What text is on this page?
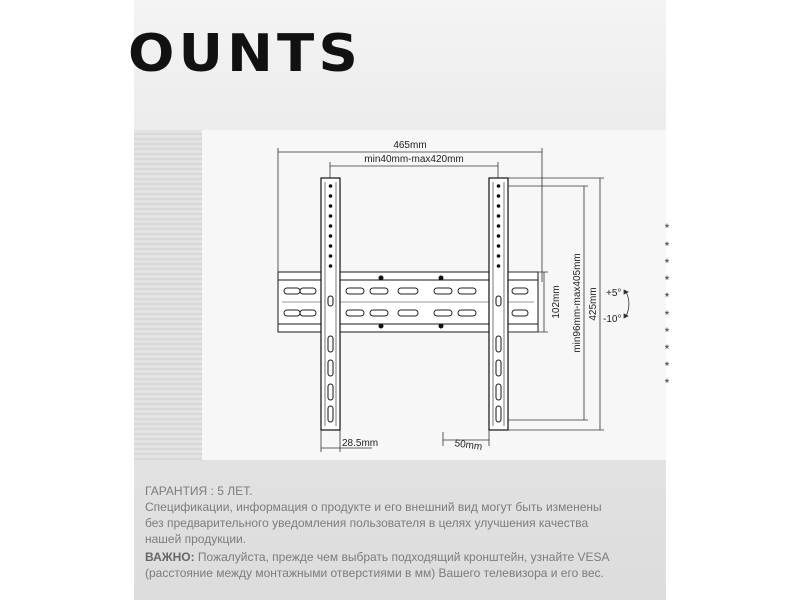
OUNTS
465mm
min40mm-max420mm
102mm min96mm-max405mm 425mm
28.5mm	50mm
+5°
-10°
*
*
*
*
*
*
*
*
*
*

ГАРАНТИЯ : 5 ЛЕТ.

Спецификации, информация о продукте и его внешний вид могут быть изменены

без предварительного уведомления пользователя в целях улучшения качества

нашей продукции.

ВАЖНО: Пожалуйста, прежде чем выбрать подходящий кронштейн, узнайте VESA

(расстояние между монтажными отверстиями в мм) Вашего телевизора и его вес.
